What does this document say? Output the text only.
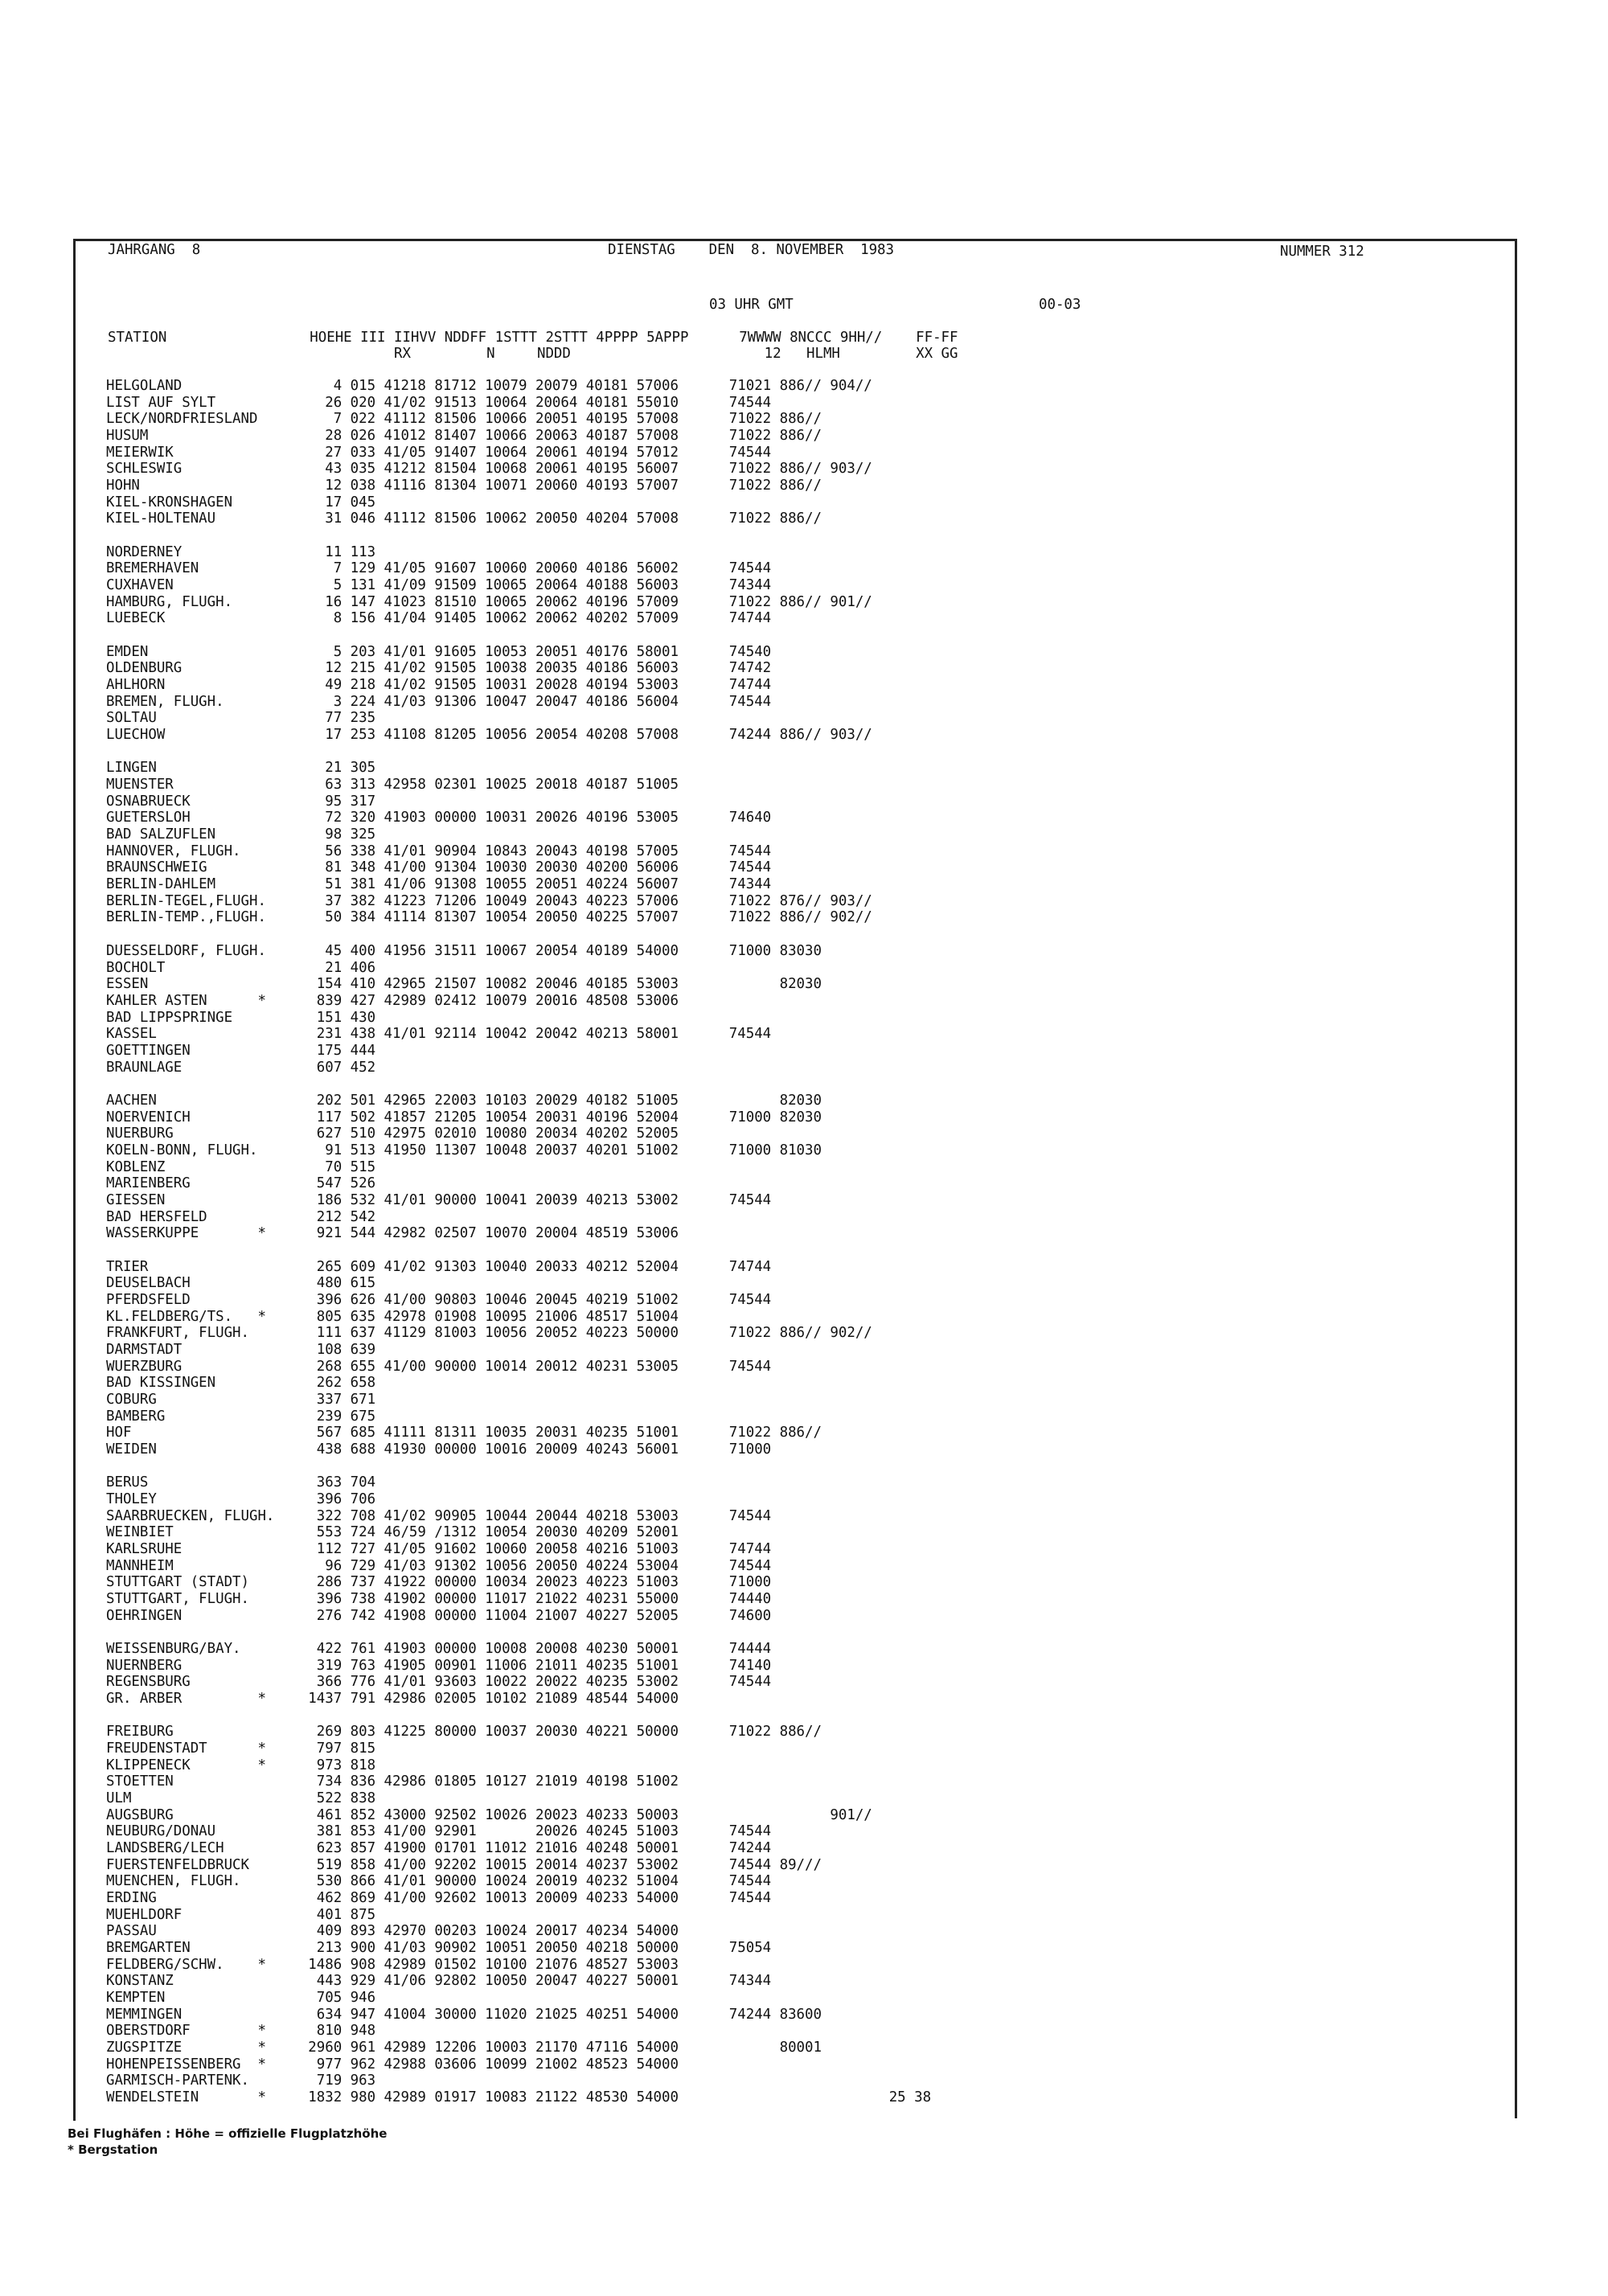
JAHRGANG  8	DIENSTAG    DEN  8. NOVEMBER  1983	NUMMER 312
03 UHR GMT	00-03
STATION                 HOEHE III IIHVV NDDFF 1STTT 2STTT 4PPPP 5APPP      7WWWW 8NCCC 9HH//    FF-FF
RX         N     NDDD                       12   HLMH         XX GG
HELGOLAND                  4 015 41218 81712 10079 20079 40181 57006      71021 886// 904//
LIST AUF SYLT             26 020 41/02 91513 10064 20064 40181 55010      74544
LECK/NORDFRIESLAND         7 022 41112 81506 10066 20051 40195 57008      71022 886//
HUSUM                     28 026 41012 81407 10066 20063 40187 57008      71022 886//
MEIERWIK                  27 033 41/05 91407 10064 20061 40194 57012      74544
SCHLESWIG                 43 035 41212 81504 10068 20061 40195 56007      71022 886// 903//
HOHN                      12 038 41116 81304 10071 20060 40193 57007      71022 886//
KIEL-KRONSHAGEN           17 045
KIEL-HOLTENAU             31 046 41112 81506 10062 20050 40204 57008      71022 886//
NORDERNEY                 11 113
BREMERHAVEN                7 129 41/05 91607 10060 20060 40186 56002      74544
CUXHAVEN                   5 131 41/09 91509 10065 20064 40188 56003      74344
HAMBURG, FLUGH.           16 147 41023 81510 10065 20062 40196 57009      71022 886// 901//
LUEBECK                    8 156 41/04 91405 10062 20062 40202 57009      74744
EMDEN                      5 203 41/01 91605 10053 20051 40176 58001      74540
OLDENBURG                 12 215 41/02 91505 10038 20035 40186 56003      74742
AHLHORN                   49 218 41/02 91505 10031 20028 40194 53003      74744
BREMEN, FLUGH.             3 224 41/03 91306 10047 20047 40186 56004      74544
SOLTAU                    77 235
LUECHOW                   17 253 41108 81205 10056 20054 40208 57008      74244 886// 903//
LINGEN                    21 305
MUENSTER                  63 313 42958 02301 10025 20018 40187 51005
OSNABRUECK                95 317
GUETERSLOH                72 320 41903 00000 10031 20026 40196 53005      74640
BAD SALZUFLEN             98 325
HANNOVER, FLUGH.          56 338 41/01 90904 10843 20043 40198 57005      74544
BRAUNSCHWEIG              81 348 41/00 91304 10030 20030 40200 56006      74544
BERLIN-DAHLEM             51 381 41/06 91308 10055 20051 40224 56007      74344
BERLIN-TEGEL,FLUGH.       37 382 41223 71206 10049 20043 40223 57006      71022 876// 903//
BERLIN-TEMP.,FLUGH.       50 384 41114 81307 10054 20050 40225 57007      71022 886// 902//
DUESSELDORF, FLUGH.       45 400 41956 31511 10067 20054 40189 54000      71000 83030
BOCHOLT                   21 406
ESSEN                    154 410 42965 21507 10082 20046 40185 53003            82030
KAHLER ASTEN      *      839 427 42989 02412 10079 20016 48508 53006
BAD LIPPSPRINGE          151 430
KASSEL                   231 438 41/01 92114 10042 20042 40213 58001      74544
GOETTINGEN               175 444
BRAUNLAGE                607 452
AACHEN                   202 501 42965 22003 10103 20029 40182 51005            82030
NOERVENICH               117 502 41857 21205 10054 20031 40196 52004      71000 82030
NUERBURG                 627 510 42975 02010 10080 20034 40202 52005
KOELN-BONN, FLUGH.        91 513 41950 11307 10048 20037 40201 51002      71000 81030
KOBLENZ                   70 515
MARIENBERG               547 526
GIESSEN                  186 532 41/01 90000 10041 20039 40213 53002      74544
BAD HERSFELD             212 542
WASSERKUPPE       *      921 544 42982 02507 10070 20004 48519 53006
TRIER                    265 609 41/02 91303 10040 20033 40212 52004      74744
DEUSELBACH               480 615
PFERDSFELD               396 626 41/00 90803 10046 20045 40219 51002      74544
KL.FELDBERG/TS.   *      805 635 42978 01908 10095 21006 48517 51004
FRANKFURT, FLUGH.        111 637 41129 81003 10056 20052 40223 50000      71022 886// 902//
DARMSTADT                108 639
WUERZBURG                268 655 41/00 90000 10014 20012 40231 53005      74544
BAD KISSINGEN            262 658
COBURG                   337 671
BAMBERG                  239 675
HOF                      567 685 41111 81311 10035 20031 40235 51001      71022 886//
WEIDEN                   438 688 41930 00000 10016 20009 40243 56001      71000
BERUS                    363 704
THOLEY                   396 706
SAARBRUECKEN, FLUGH.     322 708 41/02 90905 10044 20044 40218 53003      74544
WEINBIET                 553 724 46/59 /1312 10054 20030 40209 52001
KARLSRUHE                112 727 41/05 91602 10060 20058 40216 51003      74744
MANNHEIM                  96 729 41/03 91302 10056 20050 40224 53004      74544
STUTTGART (STADT)        286 737 41922 00000 10034 20023 40223 51003      71000
STUTTGART, FLUGH.        396 738 41902 00000 11017 21022 40231 55000      74440
OEHRINGEN                276 742 41908 00000 11004 21007 40227 52005      74600
WEISSENBURG/BAY.         422 761 41903 00000 10008 20008 40230 50001      74444
NUERNBERG                319 763 41905 00901 11006 21011 40235 51001      74140
REGENSBURG               366 776 41/01 93603 10022 20022 40235 53002      74544
GR. ARBER         *     1437 791 42986 02005 10102 21089 48544 54000
FREIBURG                 269 803 41225 80000 10037 20030 40221 50000      71022 886//
FREUDENSTADT      *      797 815
KLIPPENECK        *      973 818
STOETTEN                 734 836 42986 01805 10127 21019 40198 51002
ULM                      522 838
AUGSBURG                 461 852 43000 92502 10026 20023 40233 50003                  901//
NEUBURG/DONAU            381 853 41/00 92901       20026 40245 51003      74544
LANDSBERG/LECH           623 857 41900 01701 11012 21016 40248 50001      74244
FUERSTENFELDBRUCK        519 858 41/00 92202 10015 20014 40237 53002      74544 89///
MUENCHEN, FLUGH.         530 866 41/01 90000 10024 20019 40232 51004      74544
ERDING                   462 869 41/00 92602 10013 20009 40233 54000      74544
MUEHLDORF                401 875
PASSAU                   409 893 42970 00203 10024 20017 40234 54000
BREMGARTEN               213 900 41/03 90902 10051 20050 40218 50000      75054
FELDBERG/SCHW.    *     1486 908 42989 01502 10100 21076 48527 53003
KONSTANZ                 443 929 41/06 92802 10050 20047 40227 50001      74344
KEMPTEN                  705 946
MEMMINGEN                634 947 41004 30000 11020 21025 40251 54000      74244 83600
OBERSTDORF        *      810 948
ZUGSPITZE         *     2960 961 42989 12206 10003 21170 47116 54000            80001
HOHENPEISSENBERG  *      977 962 42988 03606 10099 21002 48523 54000
GARMISCH-PARTENK.        719 963
WENDELSTEIN       *     1832 980 42989 01917 10083 21122 48530 54000                         25 38
Bei Flughäfen : Höhe = offizielle Flugplatzhöhe
* Bergstation
